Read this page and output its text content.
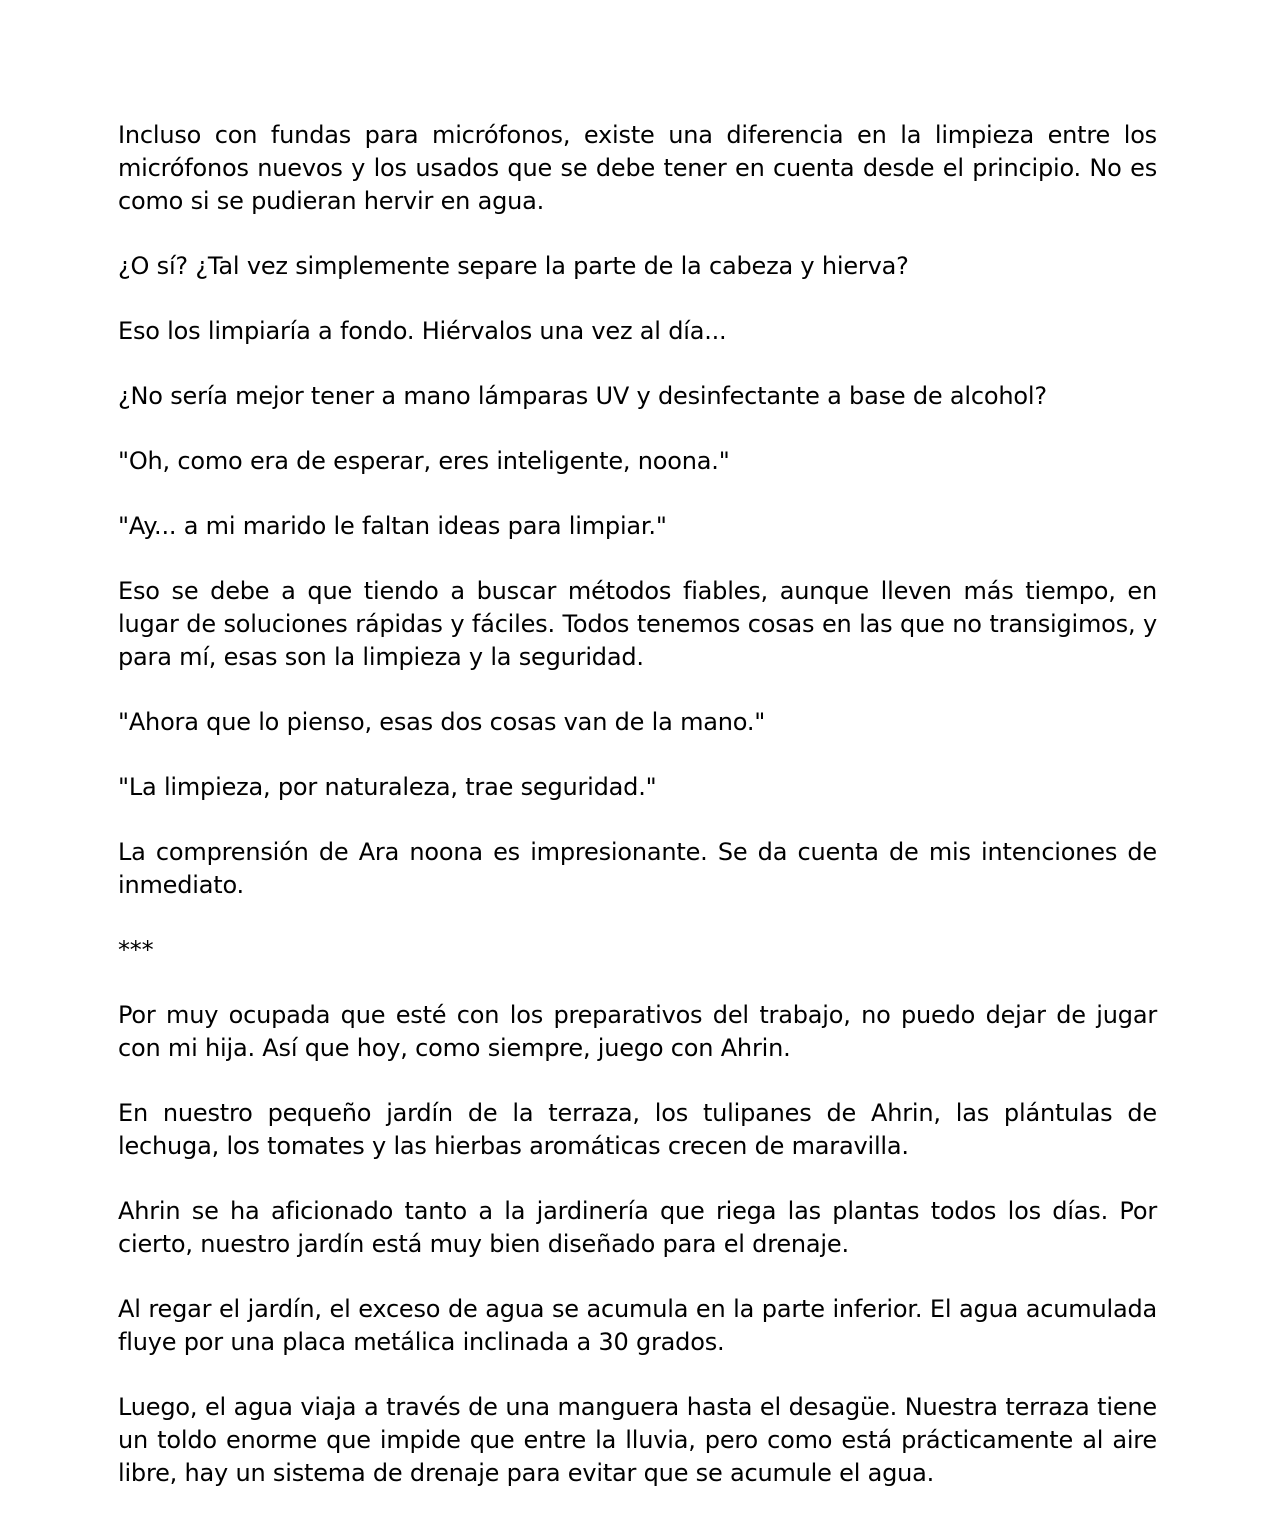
Incluso con fundas para micrófonos, existe una diferencia en la limpieza entre los micrófonos nuevos y los usados que se debe tener en cuenta desde el principio. No es como si se pudieran hervir en agua.

¿O sí? ¿Tal vez simplemente separe la parte de la cabeza y hierva?

Eso los limpiaría a fondo. Hiérvalos una vez al día...

¿No sería mejor tener a mano lámparas UV y desinfectante a base de alcohol?

"Oh, como era de esperar, eres inteligente, noona."

"Ay... a mi marido le faltan ideas para limpiar."

Eso se debe a que tiendo a buscar métodos fiables, aunque lleven más tiempo, en lugar de soluciones rápidas y fáciles. Todos tenemos cosas en las que no transigimos, y para mí, esas son la limpieza y la seguridad.

"Ahora que lo pienso, esas dos cosas van de la mano."

"La limpieza, por naturaleza, trae seguridad."

La comprensión de Ara noona es impresionante. Se da cuenta de mis intenciones de inmediato.

***

Por muy ocupada que esté con los preparativos del trabajo, no puedo dejar de jugar con mi hija. Así que hoy, como siempre, juego con Ahrin.

En nuestro pequeño jardín de la terraza, los tulipanes de Ahrin, las plántulas de lechuga, los tomates y las hierbas aromáticas crecen de maravilla.

Ahrin se ha aficionado tanto a la jardinería que riega las plantas todos los días. Por cierto, nuestro jardín está muy bien diseñado para el drenaje.

Al regar el jardín, el exceso de agua se acumula en la parte inferior. El agua acumulada fluye por una placa metálica inclinada a 30 grados.

Luego, el agua viaja a través de una manguera hasta el desagüe. Nuestra terraza tiene un toldo enorme que impide que entre la lluvia, pero como está prácticamente al aire libre, hay un sistema de drenaje para evitar que se acumule el agua.
